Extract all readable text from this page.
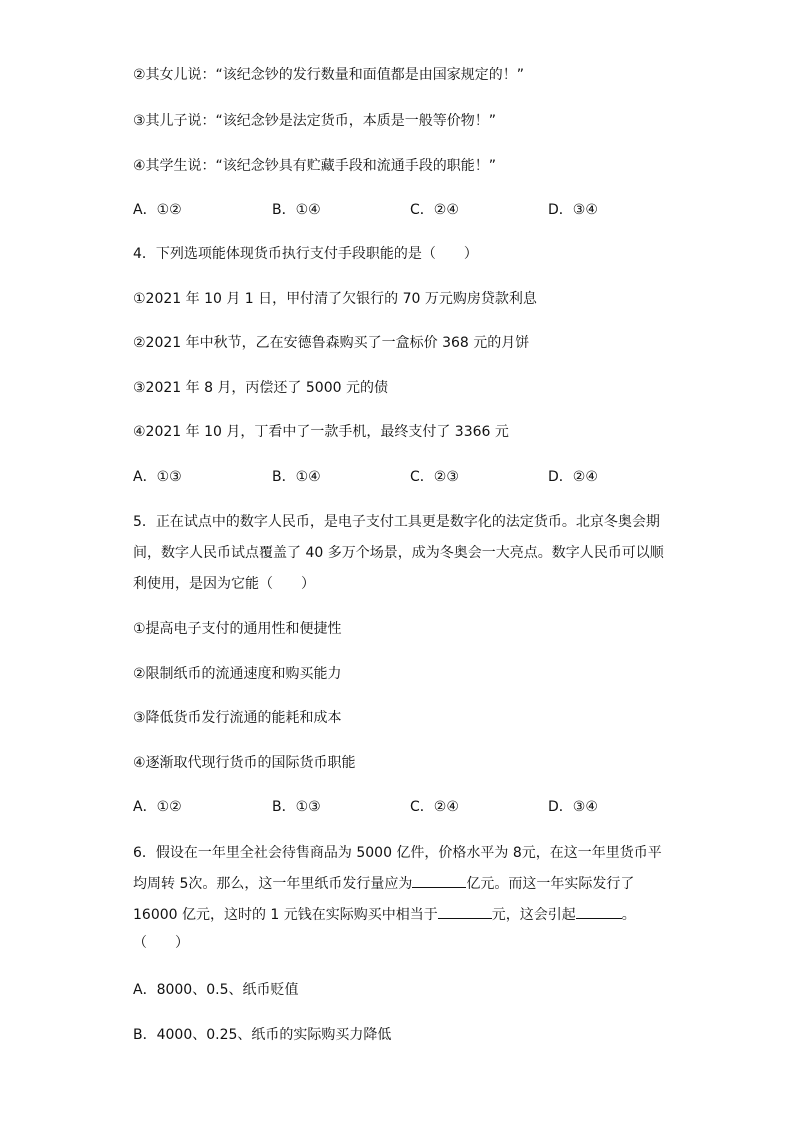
②其女儿说：“该纪念钞的发行数量和面值都是由国家规定的！”
③其儿子说：“该纪念钞是法定货币，本质是一般等价物！”
④其学生说：“该纪念钞具有贮藏手段和流通手段的职能！”
A．①②	B．①④	C．②④	D．③④
4．下列选项能体现货币执行支付手段职能的是（　　）
①2021 年 10 月 1 日，甲付清了欠银行的 70 万元购房贷款利息
②2021 年中秋节，乙在安德鲁森购买了一盒标价 368 元的月饼
③2021 年 8 月，丙偿还了 5000 元的债
④2021 年 10 月，丁看中了一款手机，最终支付了 3366 元
A．①③	B．①④	C．②③	D．②④
5．正在试点中的数字人民币，是电子支付工具更是数字化的法定货币。北京冬奥会期
间，数字人民币试点覆盖了 40 多万个场景，成为冬奥会一大亮点。数字人民币可以顺
利使用，是因为它能（　　）
①提高电子支付的通用性和便捷性
②限制纸币的流通速度和购买能力
③降低货币发行流通的能耗和成本
④逐渐取代现行货币的国际货币职能
A．①②	B．①③	C．②④	D．③④
6．假设在一年里全社会待售商品为 5000 亿件，价格水平为 8元，在这一年里货币平
均周转 5次。那么，这一年里纸币发行量应为	亿元。而这一年实际发行了
16000 亿元，这时的 1 元钱在实际购买中相当于	元，这会引起	。
（　　）
A．8000、0.5、纸币贬值
B．4000、0.25、纸币的实际购买力降低
